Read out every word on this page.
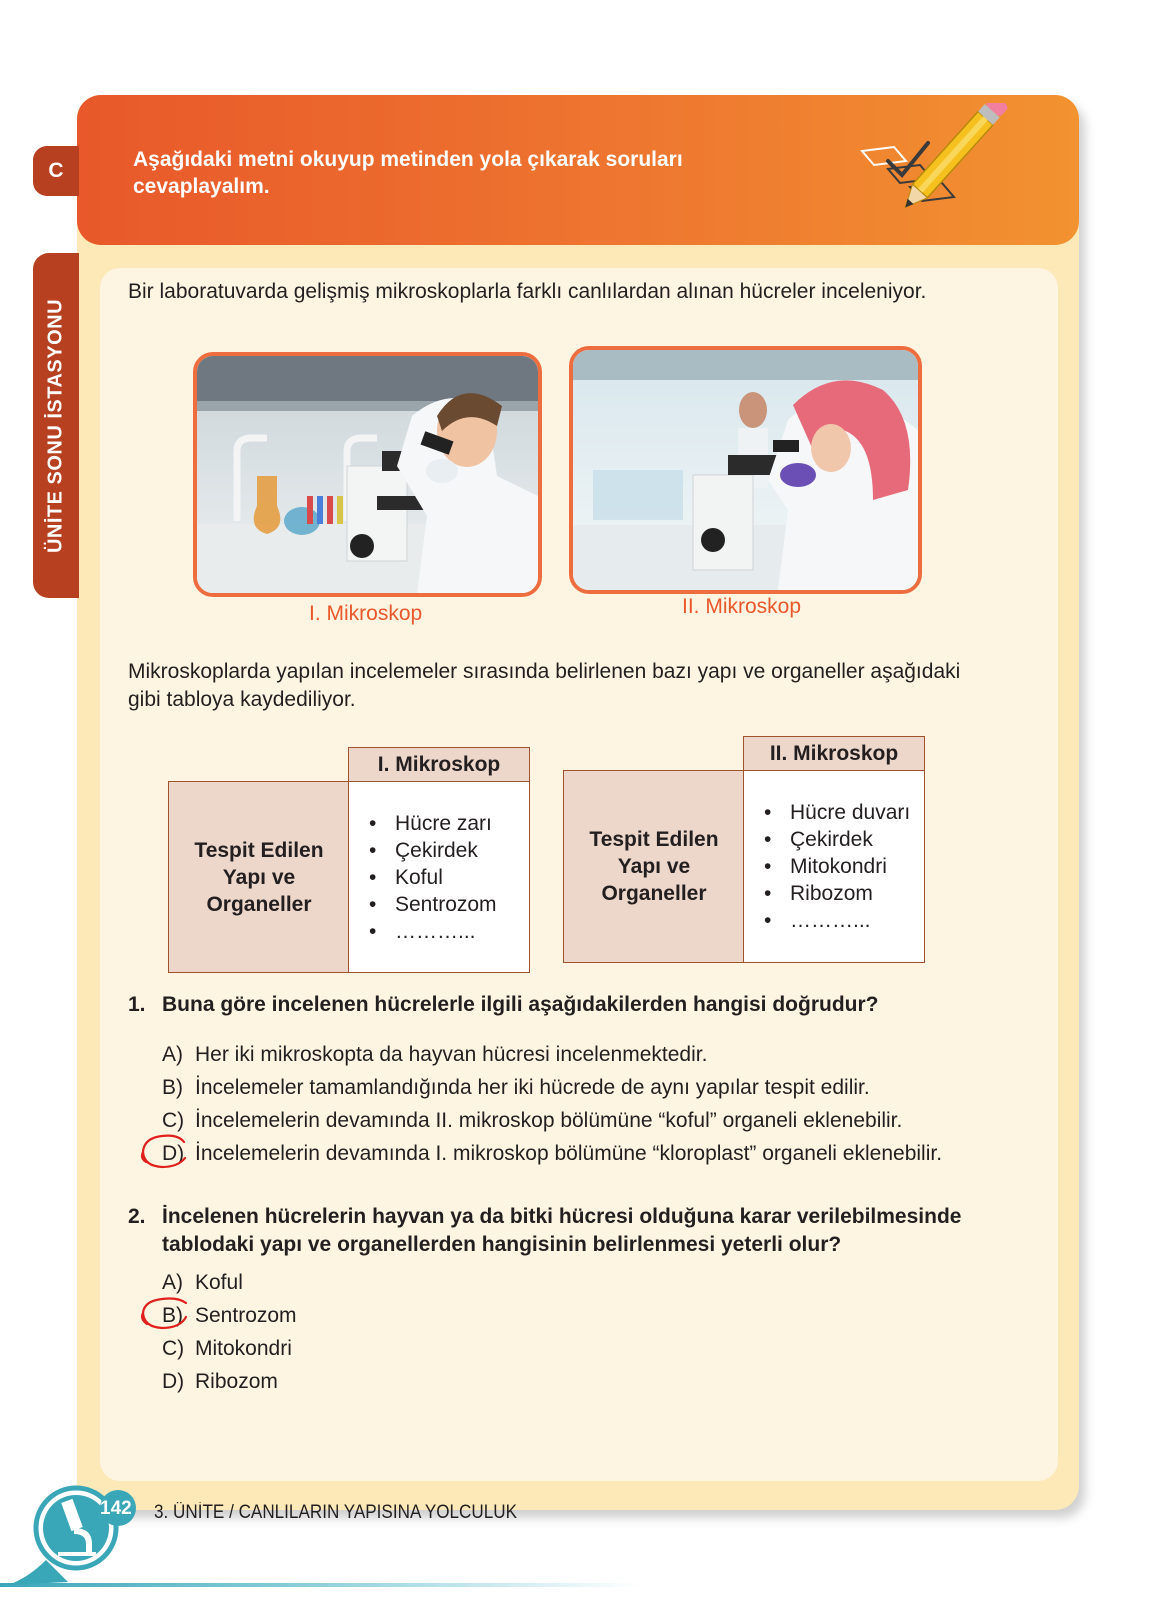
Aşağıdaki metni okuyup metinden yola çıkarak soruları cevaplayalım.
C
ÜNİTE SONU İSTASYONU
Bir laboratuvarda gelişmiş mikroskoplarla farklı canlılardan alınan hücreler inceleniyor.
I. Mikroskop	II. Mikroskop
Mikroskoplarda yapılan incelemeler sırasında belirlenen bazı yapı ve organeller aşağıdaki gibi tabloya kaydediliyor.
I. Mikroskop
Tespit Edilen Yapı ve Organeller
• Hücre zarı
• Çekirdek
• Koful
• Sentrozom
• ………...
II. Mikroskop
Tespit Edilen Yapı ve Organeller
• Hücre duvarı
• Çekirdek
• Mitokondri
• Ribozom
• ………...
1. Buna göre incelenen hücrelerle ilgili aşağıdakilerden hangisi doğrudur?
A) Her iki mikroskopta da hayvan hücresi incelenmektedir.
B) İncelemeler tamamlandığında her iki hücrede de aynı yapılar tespit edilir.
C) İncelemelerin devamında II. mikroskop bölümüne “koful” organeli eklenebilir.
D) İncelemelerin devamında I. mikroskop bölümüne “kloroplast” organeli eklenebilir.
2. İncelenen hücrelerin hayvan ya da bitki hücresi olduğuna karar verilebilmesinde tablodaki yapı ve organellerden hangisinin belirlenmesi yeterli olur?
A) Koful
B) Sentrozom
C) Mitokondri
D) Ribozom
142 3. ÜNİTE / CANLILARIN YAPISINA YOLCULUK
